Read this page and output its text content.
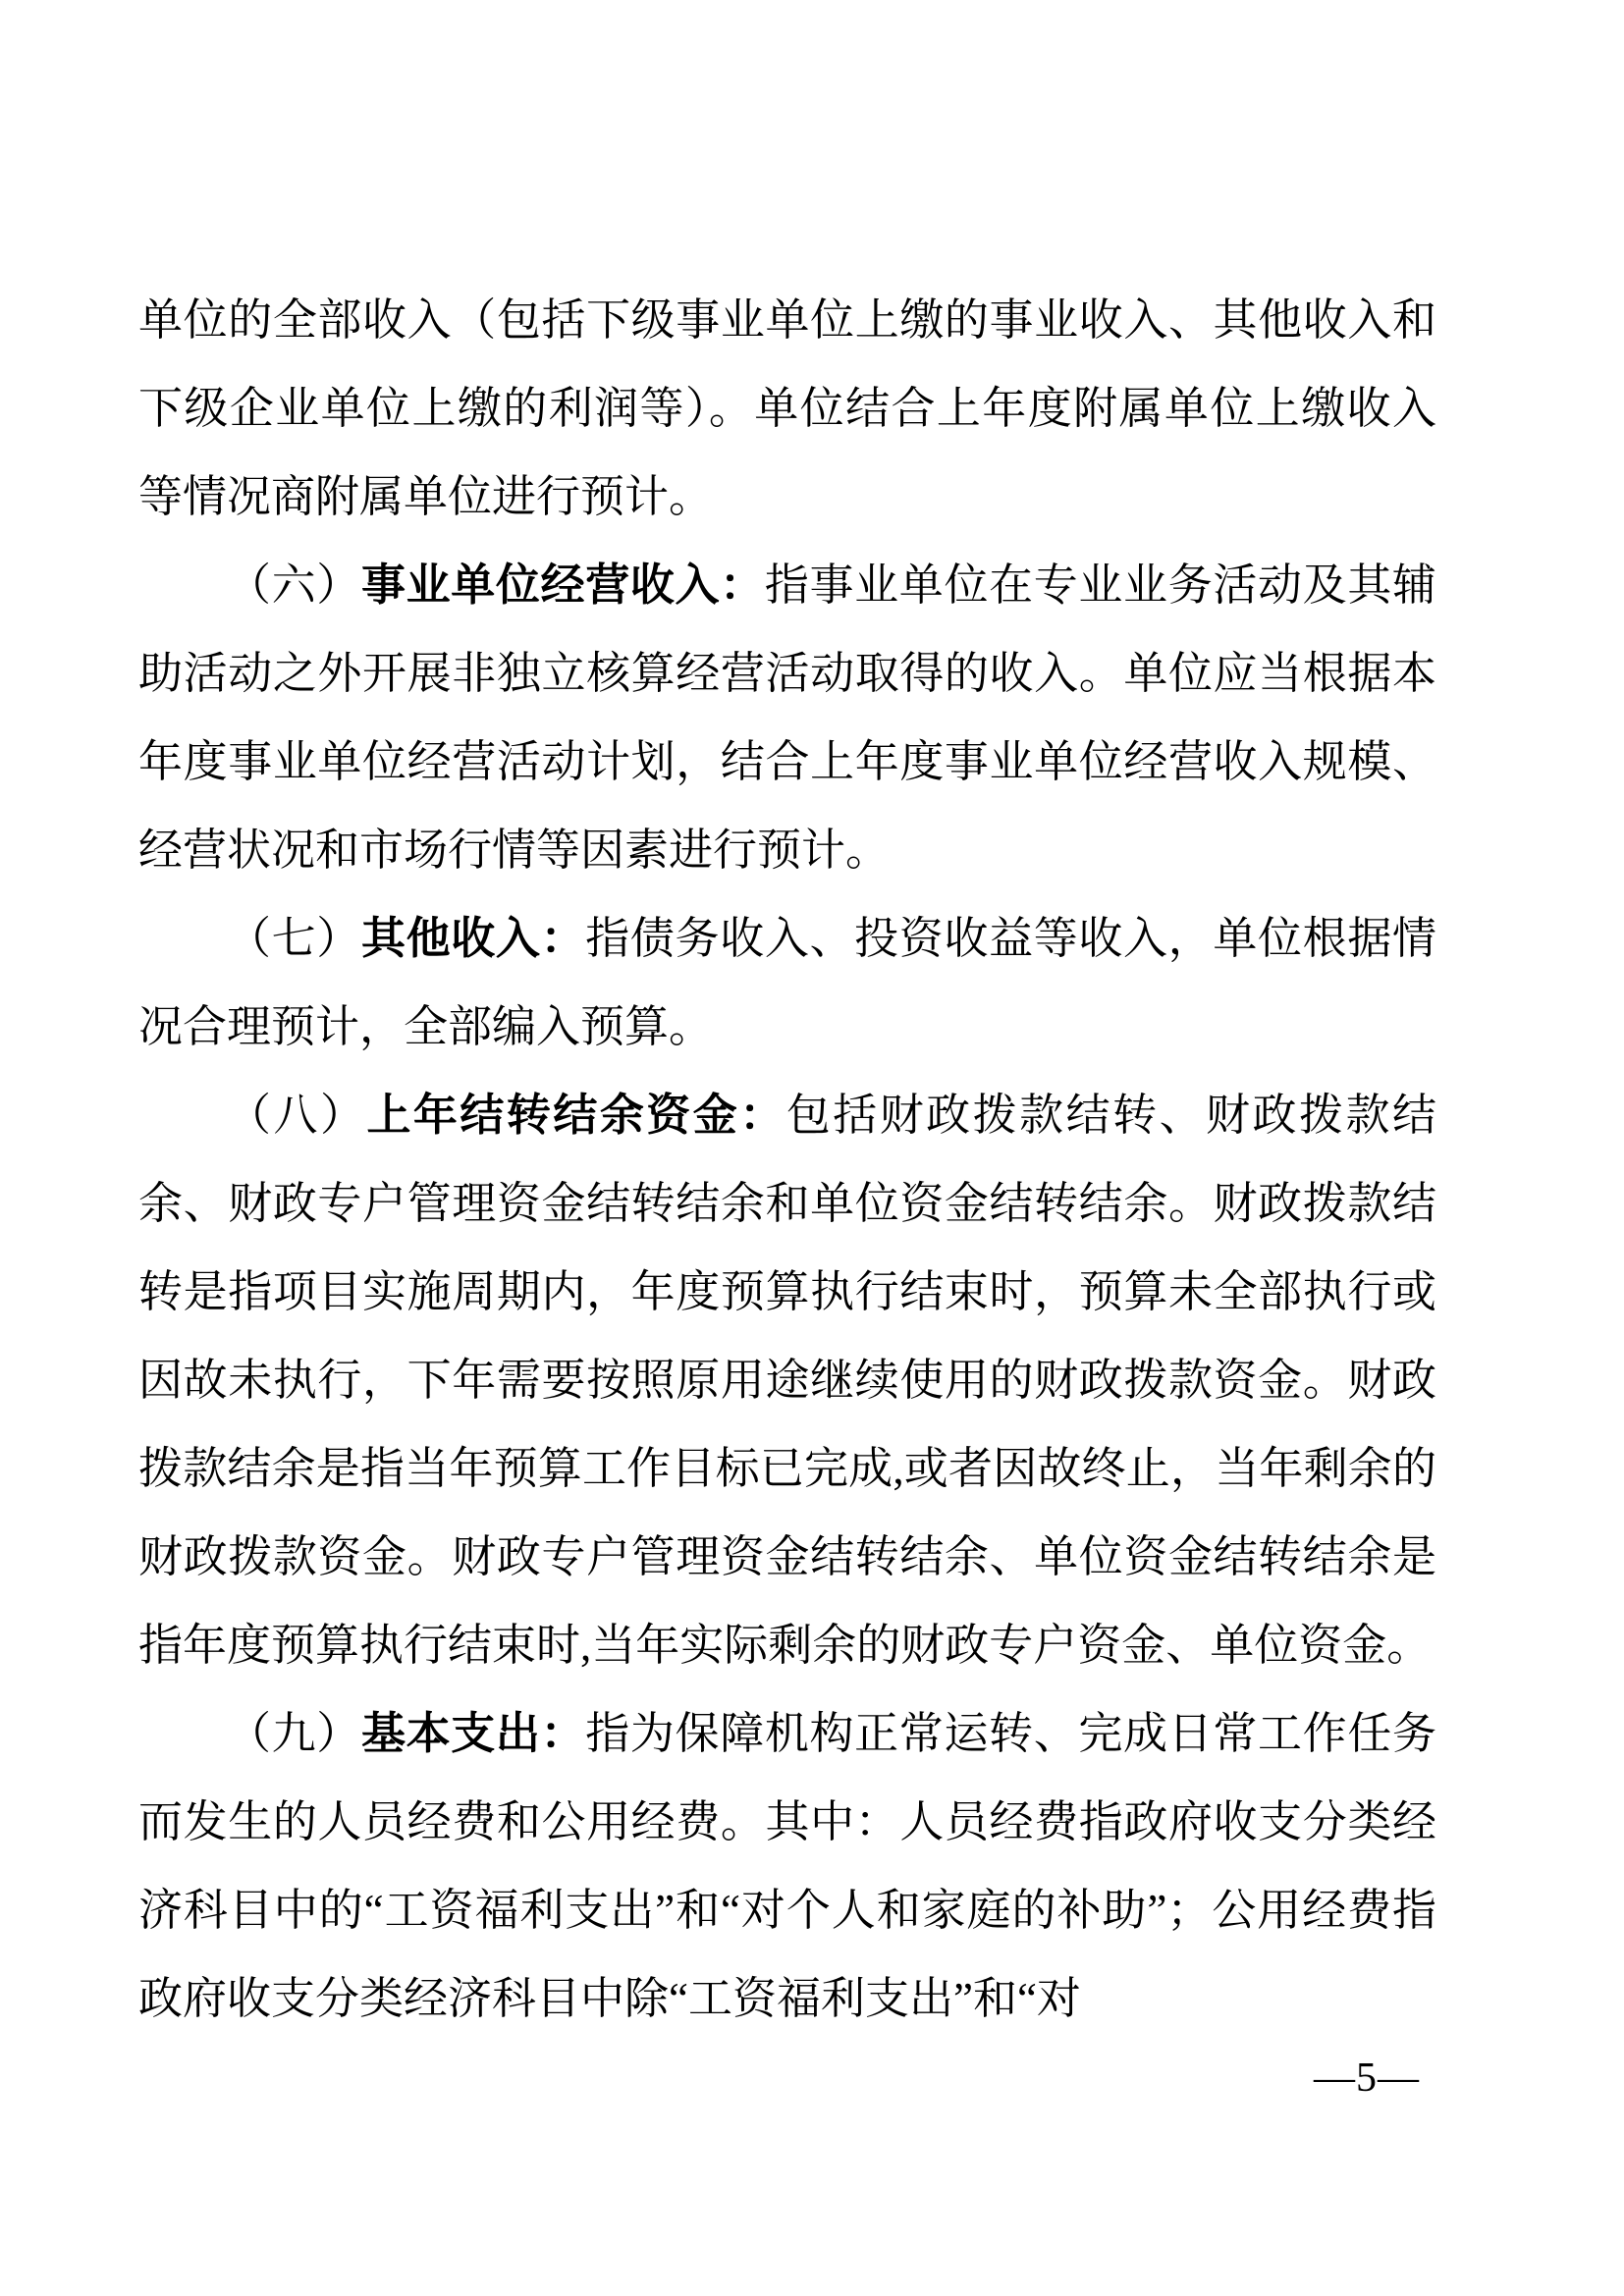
单位的全部收入（包括下级事业单位上缴的事业收入、其他收入和下级企业单位上缴的利润等）。单位结合上年度附属单位上缴收入等情况商附属单位进行预计。

（六）事业单位经营收入：指事业单位在专业业务活动及其辅助活动之外开展非独立核算经营活动取得的收入。单位应当根据本年度事业单位经营活动计划，结合上年度事业单位经营收入规模、经营状况和市场行情等因素进行预计。

（七）其他收入：指债务收入、投资收益等收入，单位根据情况合理预计，全部编入预算。

（八）上年结转结余资金：包括财政拨款结转、财政拨款结余、财政专户管理资金结转结余和单位资金结转结余。财政拨款结转是指项目实施周期内，年度预算执行结束时，预算未全部执行或因故未执行，下年需要按照原用途继续使用的财政拨款资金。财政拨款结余是指当年预算工作目标已完成,或者因故终止，当年剩余的财政拨款资金。财政专户管理资金结转结余、单位资金结转结余是指年度预算执行结束时,当年实际剩余的财政专户资金、单位资金。

（九）基本支出：指为保障机构正常运转、完成日常工作任务而发生的人员经费和公用经费。其中：人员经费指政府收支分类经济科目中的“工资福利支出”和“对个人和家庭的补助”；公用经费指政府收支分类经济科目中除“工资福利支出”和“对

—5—
